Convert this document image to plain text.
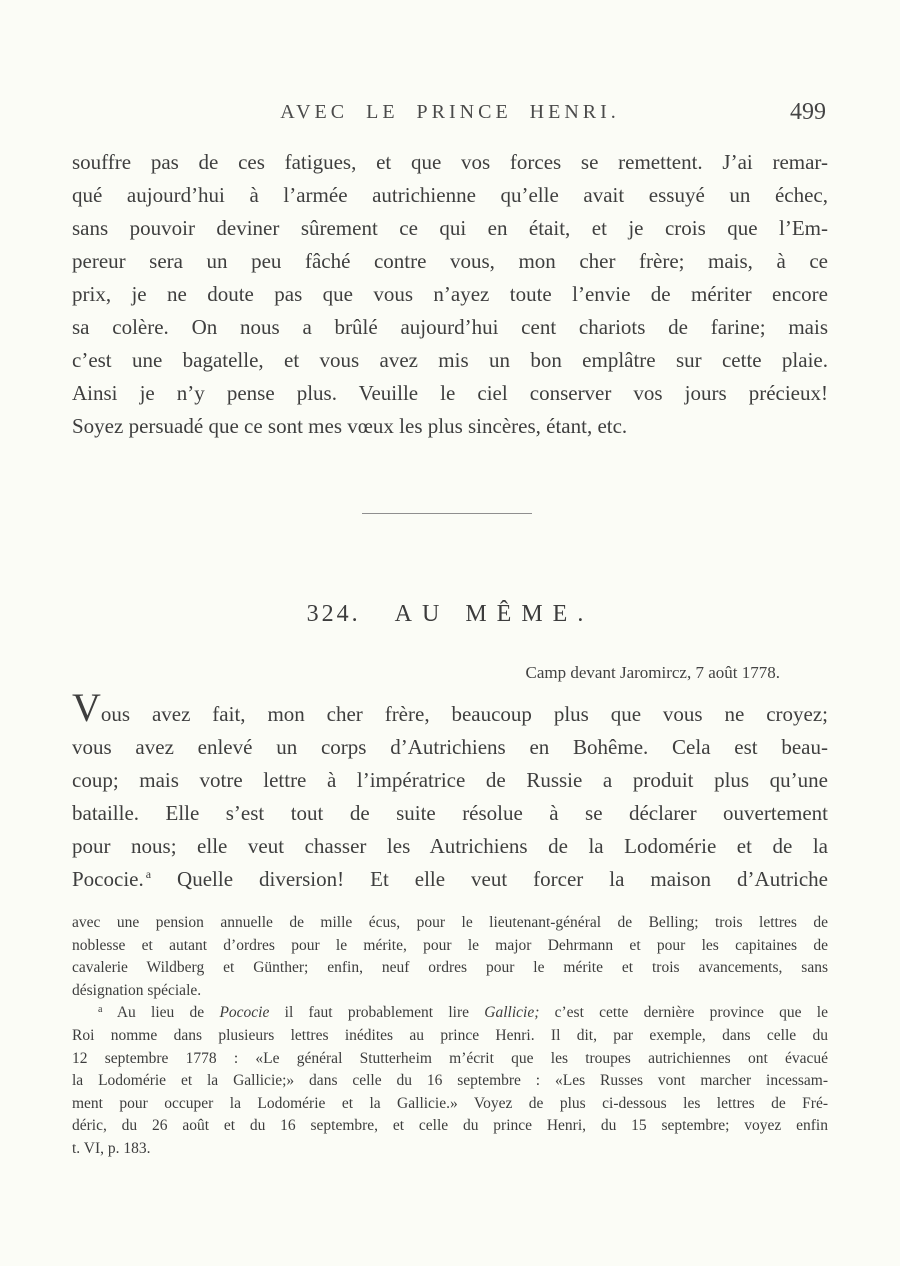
AVEC LE PRINCE HENRI.	499
souffre pas de ces fatigues, et que vos forces se remettent. J’ai remar-
qué aujourd’hui à l’armée autrichienne qu’elle avait essuyé un échec,
sans pouvoir deviner sûrement ce qui en était, et je crois que l’Em-
pereur sera un peu fâché contre vous, mon cher frère; mais, à ce
prix, je ne doute pas que vous n’ayez toute l’envie de mériter encore
sa colère. On nous a brûlé aujourd’hui cent chariots de farine; mais
c’est une bagatelle, et vous avez mis un bon emplâtre sur cette plaie.
Ainsi je n’y pense plus. Veuille le ciel conserver vos jours précieux!
Soyez persuadé que ce sont mes vœux les plus sincères, étant, etc.
324. AU MÊME.
Camp devant Jaromircz, 7 août 1778.
Vous avez fait, mon cher frère, beaucoup plus que vous ne croyez;
vous avez enlevé un corps d’Autrichiens en Bohême. Cela est beau-
coup; mais votre lettre à l’impératrice de Russie a produit plus qu’une
bataille. Elle s’est tout de suite résolue à se déclarer ouvertement
pour nous; elle veut chasser les Autrichiens de la Lodomérie et de la
Pococie. $^a$ Quelle diversion! Et elle veut forcer la maison d’Autriche
avec une pension annuelle de mille écus, pour le lieutenant-général de Belling; trois lettres de
noblesse et autant d’ordres pour le mérite, pour le major Dehrmann et pour les capitaines de
cavalerie Wildberg et Günther; enfin, neuf ordres pour le mérite et trois avancements, sans
désignation spéciale.
$^a$ Au lieu de Pococie il faut probablement lire Gallicie; c’est cette dernière province que le
Roi nomme dans plusieurs lettres inédites au prince Henri. Il dit, par exemple, dans celle du
12 septembre 1778 : «Le général Stutterheim m’écrit que les troupes autrichiennes ont évacué
la Lodomérie et la Gallicie;» dans celle du 16 septembre : «Les Russes vont marcher incessam-
ment pour occuper la Lodomérie et la Gallicie.» Voyez de plus ci-dessous les lettres de Fré-
déric, du 26 août et du 16 septembre, et celle du prince Henri, du 15 septembre; voyez enfin
t. VI, p. 183.
